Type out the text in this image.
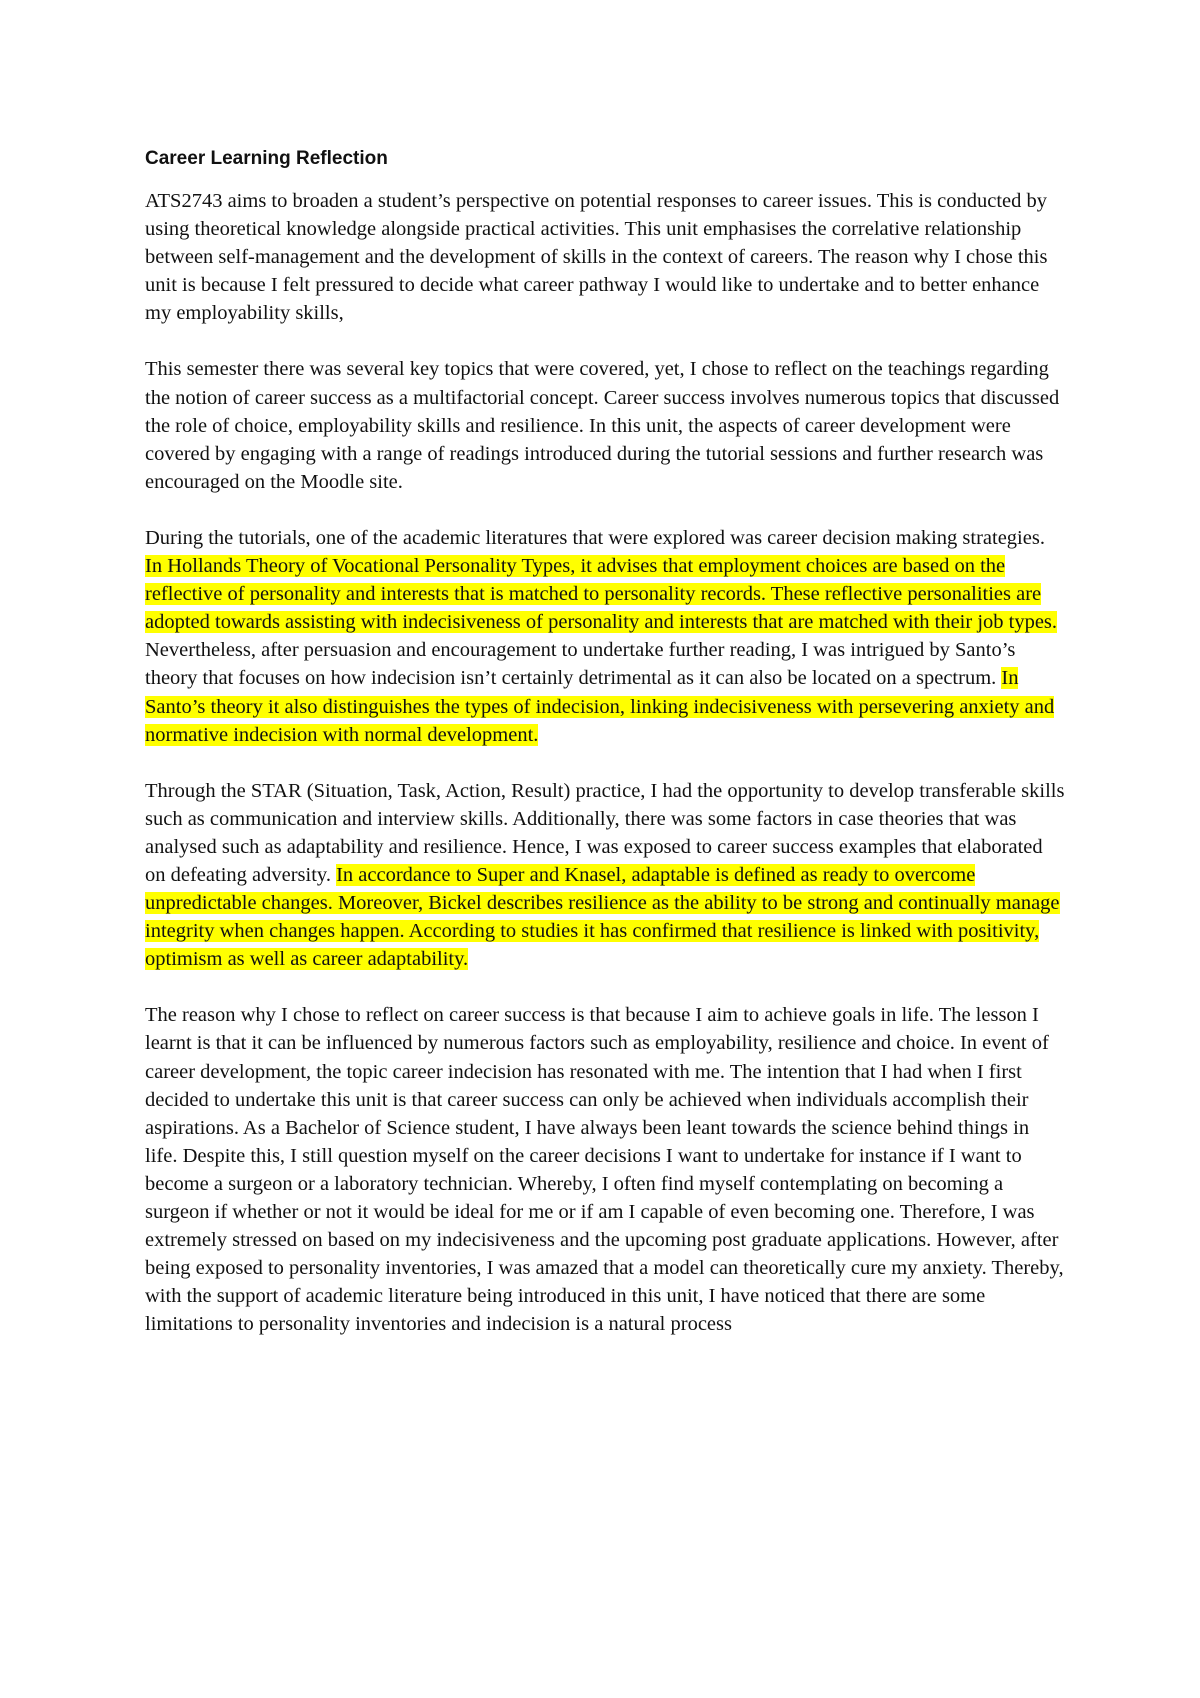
Career Learning Reflection

ATS2743 aims to broaden a student’s perspective on potential responses to career issues. This is conducted by using theoretical knowledge alongside practical activities. This unit emphasises the correlative relationship between self-management and the development of skills in the context of careers. The reason why I chose this unit is because I felt pressured to decide what career pathway I would like to undertake and to better enhance my employability skills,

This semester there was several key topics that were covered, yet, I chose to reflect on the teachings regarding the notion of career success as a multifactorial concept. Career success involves numerous topics that discussed the role of choice, employability skills and resilience. In this unit, the aspects of career development were covered by engaging with a range of readings introduced during the tutorial sessions and further research was encouraged on the Moodle site.

During the tutorials, one of the academic literatures that were explored was career decision making strategies. In Hollands Theory of Vocational Personality Types, it advises that employment choices are based on the reflective of personality and interests that is matched to personality records. These reflective personalities are adopted towards assisting with indecisiveness of personality and interests that are matched with their job types. Nevertheless, after persuasion and encouragement to undertake further reading, I was intrigued by Santo’s theory that focuses on how indecision isn’t certainly detrimental as it can also be located on a spectrum. In Santo’s theory it also distinguishes the types of indecision, linking indecisiveness with persevering anxiety and normative indecision with normal development.

Through the STAR (Situation, Task, Action, Result) practice, I had the opportunity to develop transferable skills such as communication and interview skills. Additionally, there was some factors in case theories that was analysed such as adaptability and resilience. Hence, I was exposed to career success examples that elaborated on defeating adversity. In accordance to Super and Knasel, adaptable is defined as ready to overcome unpredictable changes. Moreover, Bickel describes resilience as the ability to be strong and continually manage integrity when changes happen. According to studies it has confirmed that resilience is linked with positivity, optimism as well as career adaptability.

The reason why I chose to reflect on career success is that because I aim to achieve goals in life. The lesson I learnt is that it can be influenced by numerous factors such as employability, resilience and choice. In event of career development, the topic career indecision has resonated with me. The intention that I had when I first decided to undertake this unit is that career success can only be achieved when individuals accomplish their aspirations. As a Bachelor of Science student, I have always been leant towards the science behind things in life. Despite this, I still question myself on the career decisions I want to undertake for instance if I want to become a surgeon or a laboratory technician. Whereby, I often find myself contemplating on becoming a surgeon if whether or not it would be ideal for me or if am I capable of even becoming one. Therefore, I was extremely stressed on based on my indecisiveness and the upcoming post graduate applications. However, after being exposed to personality inventories, I was amazed that a model can theoretically cure my anxiety. Thereby, with the support of academic literature being introduced in this unit, I have noticed that there are some limitations to personality inventories and indecision is a natural process
